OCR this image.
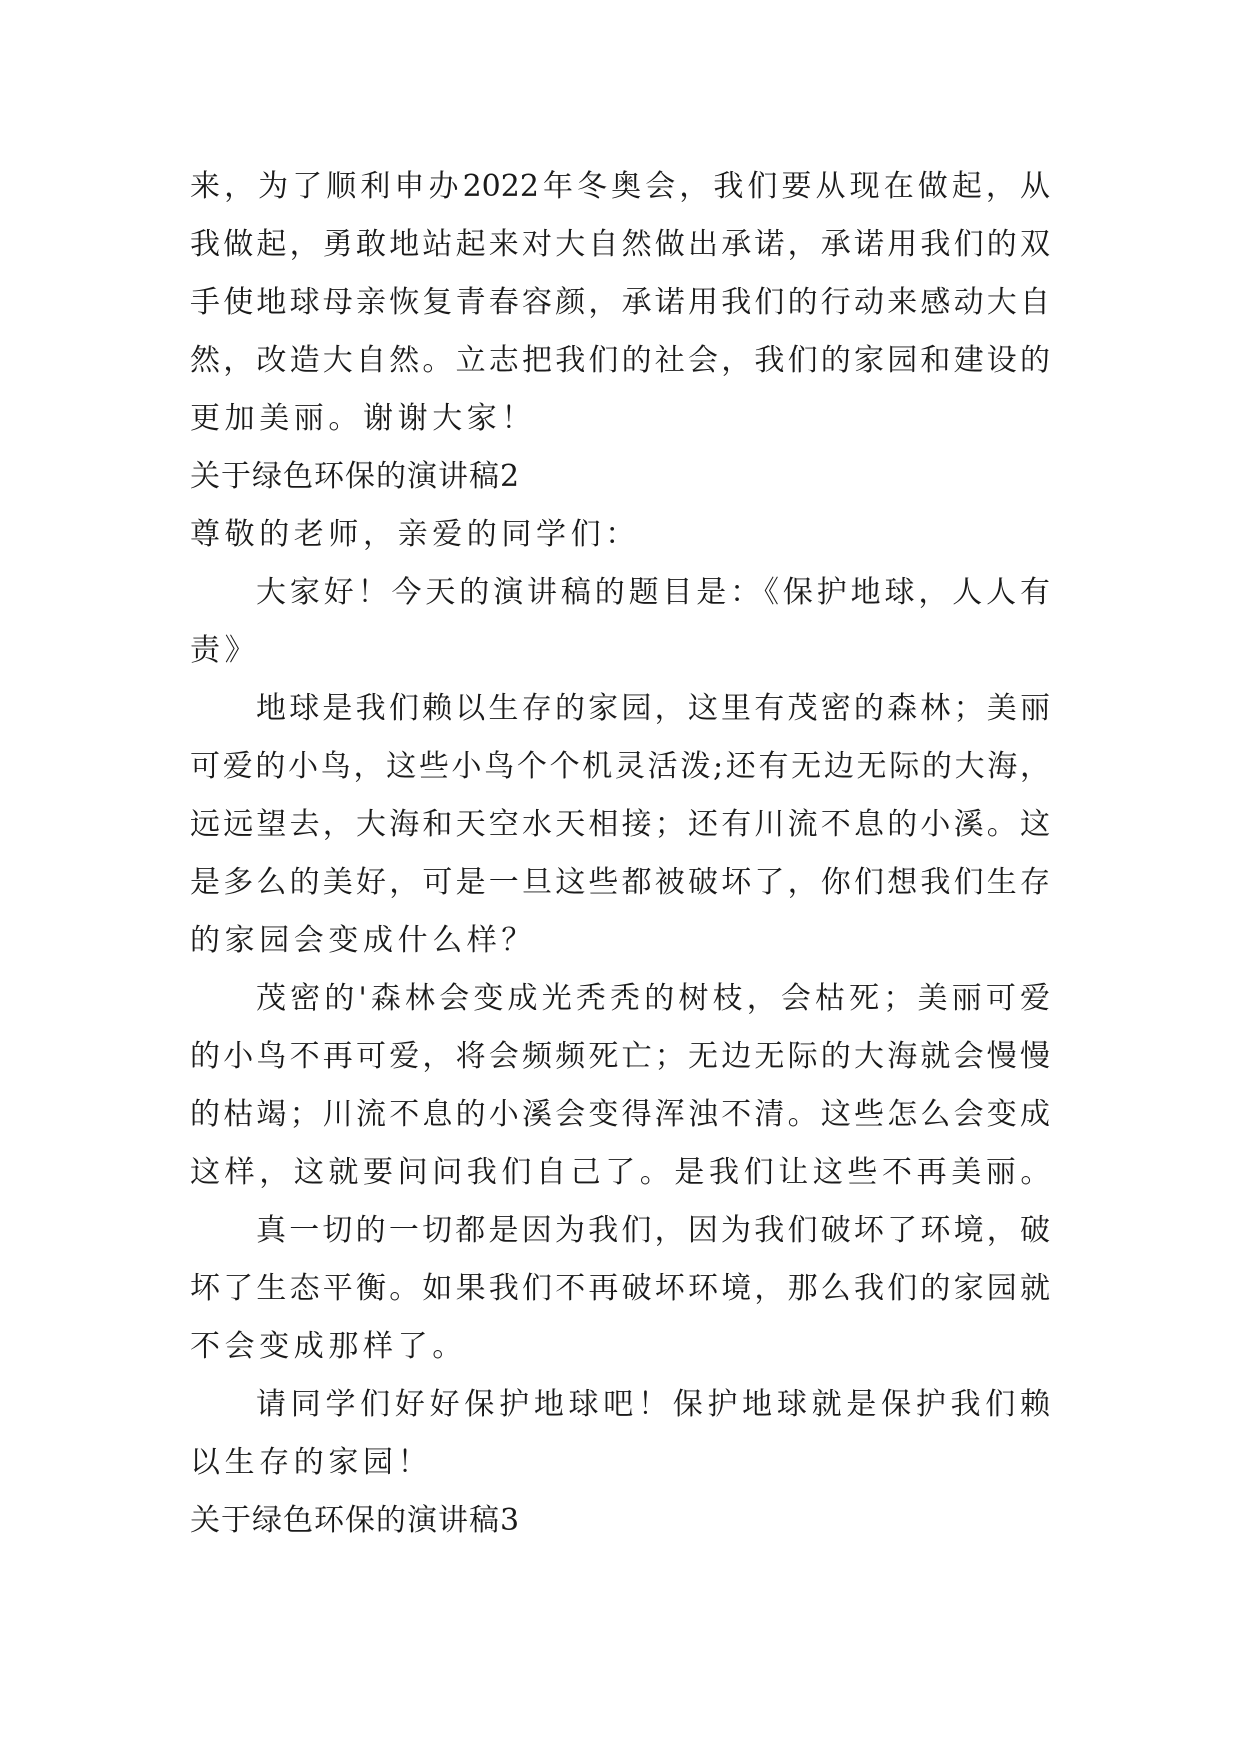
来，为了顺利申办2022年冬奥会，我们要从现在做起，从
我做起，勇敢地站起来对大自然做出承诺，承诺用我们的双
手使地球母亲恢复青春容颜，承诺用我们的行动来感动大自
然，改造大自然。立志把我们的社会，我们的家园和建设的
更加美丽。谢谢大家！
关于绿色环保的演讲稿2
尊敬的老师，亲爱的同学们：
大家好！今天的演讲稿的题目是：《保护地球，人人有
责》
地球是我们赖以生存的家园，这里有茂密的森林；美丽
可爱的小鸟，这些小鸟个个机灵活泼;还有无边无际的大海，
远远望去，大海和天空水天相接；还有川流不息的小溪。这
是多么的美好，可是一旦这些都被破坏了，你们想我们生存
的家园会变成什么样？
茂密的'森林会变成光秃秃的树枝，会枯死；美丽可爱
的小鸟不再可爱，将会频频死亡；无边无际的大海就会慢慢
的枯竭；川流不息的小溪会变得浑浊不清。这些怎么会变成
这样，这就要问问我们自己了。是我们让这些不再美丽。
真一切的一切都是因为我们，因为我们破坏了环境，破
坏了生态平衡。如果我们不再破坏环境，那么我们的家园就
不会变成那样了。
请同学们好好保护地球吧！保护地球就是保护我们赖
以生存的家园！
关于绿色环保的演讲稿3
